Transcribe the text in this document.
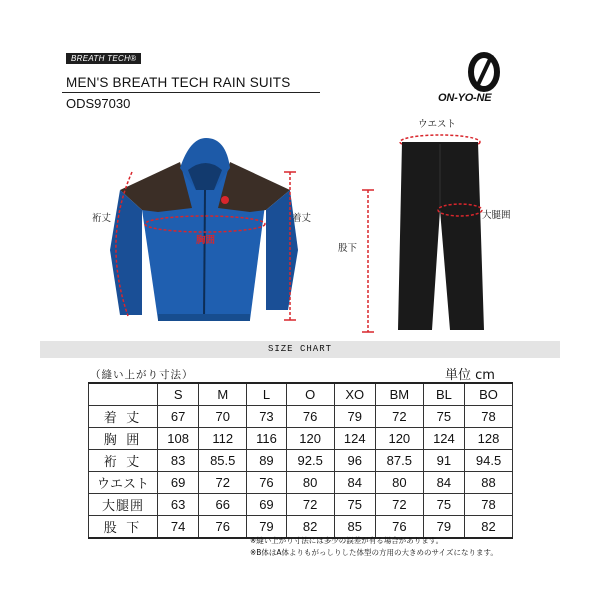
BREATH TECH®
MEN'S BREATH TECH RAIN SUITS
ODS97030	ON-YO-NE
裄丈	着丈
胸囲
ウエスト
大腿囲
股下
SIZE CHART
（縫い上がり寸法）	単位 cm
	S	M	L	O	XO	BM	BL	BO
着 丈	67	70	73	76	79	72	75	78
胸 囲	108	112	116	120	124	120	124	128
裄 丈	83	85.5	89	92.5	96	87.5	91	94.5
ウエスト	69	72	76	80	84	80	84	88
大腿囲	63	66	69	72	75	72	75	78
股 下	74	76	79	82	85	76	79	82
※縫い上がり寸法には多少の誤差が有る場合があります。
※B体はA体よりもがっしりした体型の方用の大きめのサイズになります。
